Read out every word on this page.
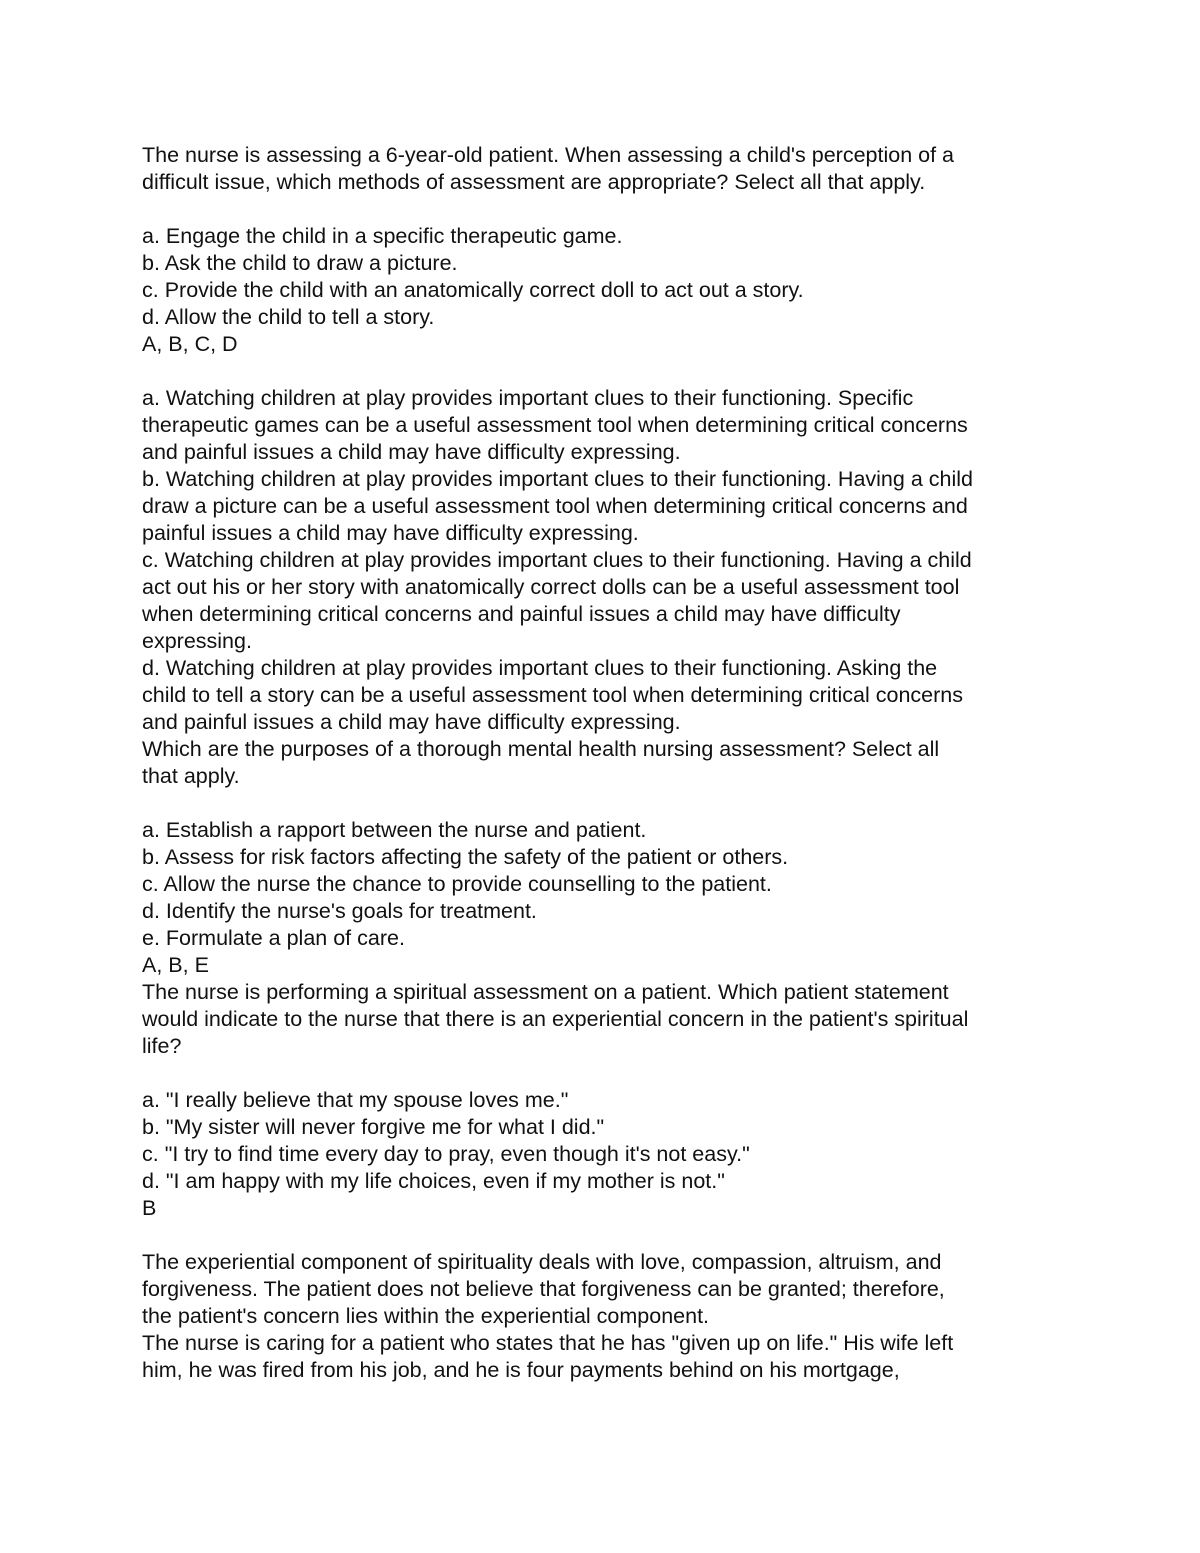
The nurse is assessing a 6-year-old patient. When assessing a child's perception of a
difficult issue, which methods of assessment are appropriate? Select all that apply.
a. Engage the child in a specific therapeutic game.
b. Ask the child to draw a picture.
c. Provide the child with an anatomically correct doll to act out a story.
d. Allow the child to tell a story.
A, B, C, D
a. Watching children at play provides important clues to their functioning. Specific
therapeutic games can be a useful assessment tool when determining critical concerns
and painful issues a child may have difficulty expressing.
b. Watching children at play provides important clues to their functioning. Having a child
draw a picture can be a useful assessment tool when determining critical concerns and
painful issues a child may have difficulty expressing.
c. Watching children at play provides important clues to their functioning. Having a child
act out his or her story with anatomically correct dolls can be a useful assessment tool
when determining critical concerns and painful issues a child may have difficulty
expressing.
d. Watching children at play provides important clues to their functioning. Asking the
child to tell a story can be a useful assessment tool when determining critical concerns
and painful issues a child may have difficulty expressing.
Which are the purposes of a thorough mental health nursing assessment? Select all
that apply.
a. Establish a rapport between the nurse and patient.
b. Assess for risk factors affecting the safety of the patient or others.
c. Allow the nurse the chance to provide counselling to the patient.
d. Identify the nurse's goals for treatment.
e. Formulate a plan of care.
A, B, E
The nurse is performing a spiritual assessment on a patient. Which patient statement
would indicate to the nurse that there is an experiential concern in the patient's spiritual
life?
a. "I really believe that my spouse loves me."
b. "My sister will never forgive me for what I did."
c. "I try to find time every day to pray, even though it's not easy."
d. "I am happy with my life choices, even if my mother is not."
B
The experiential component of spirituality deals with love, compassion, altruism, and
forgiveness. The patient does not believe that forgiveness can be granted; therefore,
the patient's concern lies within the experiential component.
The nurse is caring for a patient who states that he has "given up on life." His wife left
him, he was fired from his job, and he is four payments behind on his mortgage,
